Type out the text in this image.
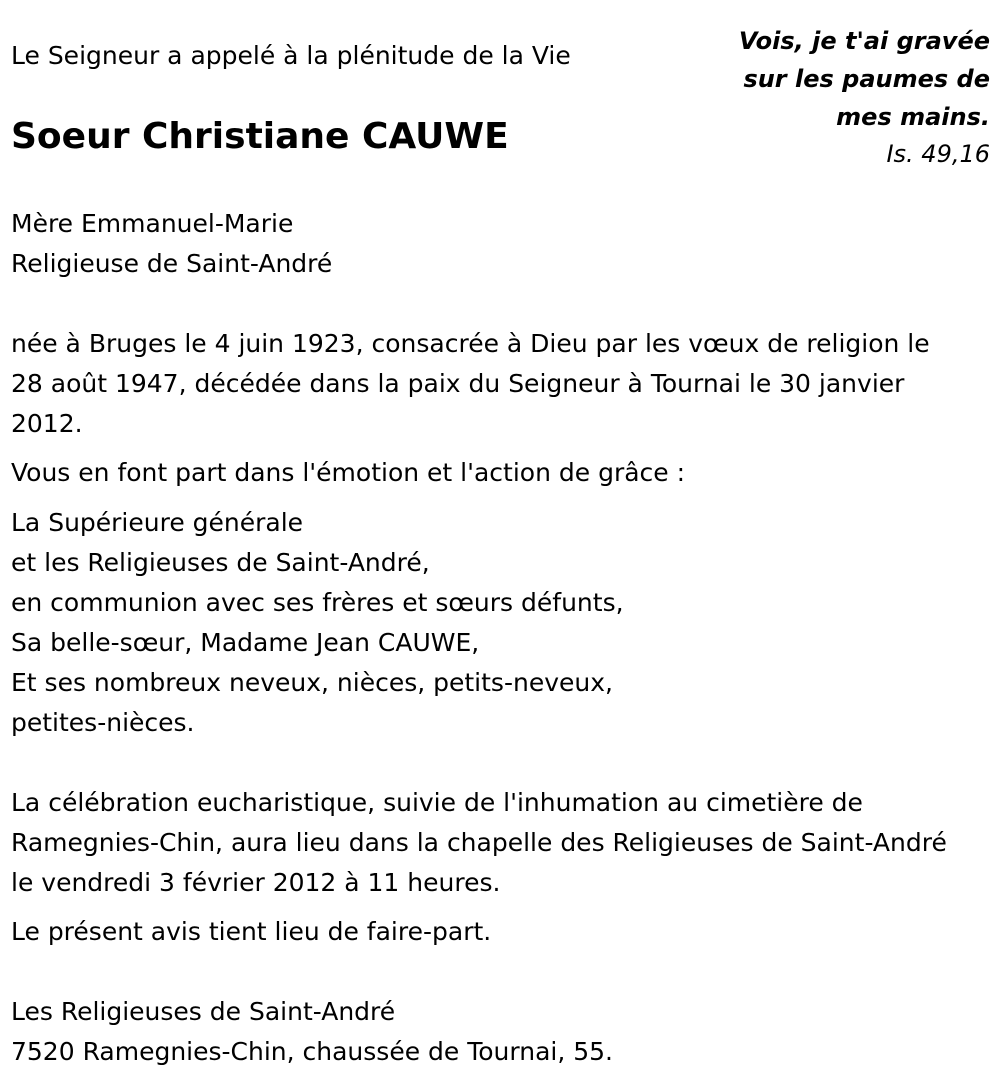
Le Seigneur a appelé à la plénitude de la Vie
Soeur Christiane CAUWE
Vois, je t'ai gravée
sur les paumes de
mes mains.
Is. 49,16
Mère Emmanuel-Marie
Religieuse de Saint-André
née à Bruges le 4 juin 1923, consacrée à Dieu par les vœux de religion le
28 août 1947, décédée dans la paix du Seigneur à Tournai le 30 janvier
2012.
Vous en font part dans l'émotion et l'action de grâce :
La Supérieure générale
et les Religieuses de Saint-André,
en communion avec ses frères et sœurs défunts,
Sa belle-sœur, Madame Jean CAUWE,
Et ses nombreux neveux, nièces, petits-neveux,
petites-nièces.
La célébration eucharistique, suivie de l'inhumation au cimetière de
Ramegnies-Chin, aura lieu dans la chapelle des Religieuses de Saint-André
le vendredi 3 février 2012 à 11 heures.
Le présent avis tient lieu de faire-part.
Les Religieuses de Saint-André
7520 Ramegnies-Chin, chaussée de Tournai, 55.
